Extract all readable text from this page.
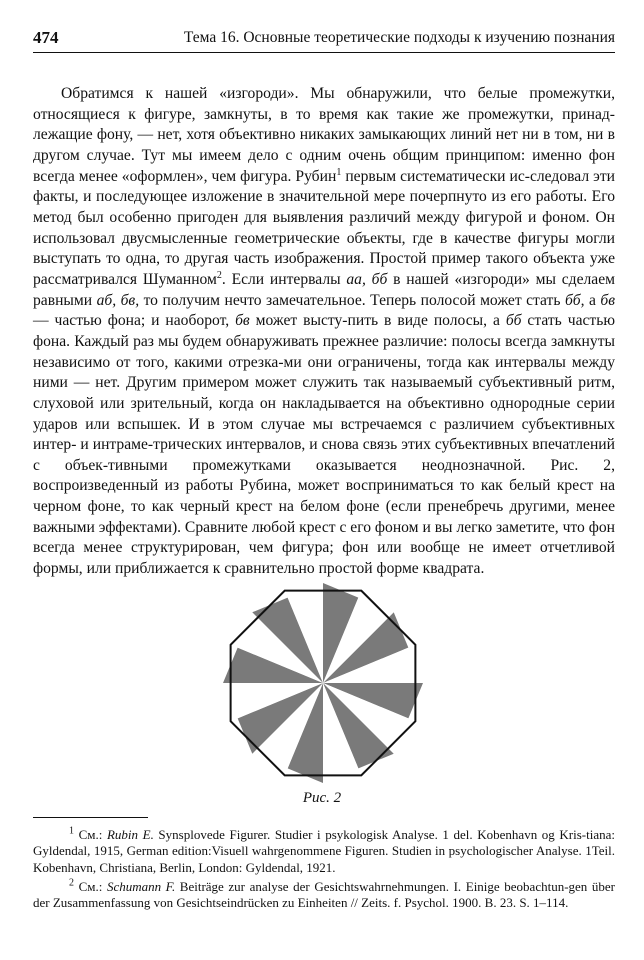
474	Тема 16. Основные теоретические подходы к изучению познания

Обратимся к нашей «изгороди». Мы обнаружили, что белые промежутки, относящиеся к фигуре, замкнуты, в то время как такие же промежутки, принад-лежащие фону, — нет, хотя объективно никаких замыкающих линий нет ни в том, ни в другом случае. Тут мы имеем дело с одним очень общим принципом: именно фон всегда менее «оформлен», чем фигура. Рубин$^1$ первым систематически ис-следовал эти факты, и последующее изложение в значительной мере почерпнуто из его работы. Его метод был особенно пригоден для выявления различий между фигурой и фоном. Он использовал двусмысленные геометрические объекты, где в качестве фигуры могли выступать то одна, то другая часть изображения. Простой пример такого объекта уже рассматривался Шуманном$^2$. Если интервалы аа, бб в нашей «изгороди» мы сделаем равными аб, бв, то получим нечто замечательное. Теперь полосой может стать бб, а бв — частью фона; и наоборот, бв может высту-пить в виде полосы, а бб стать частью фона. Каждый раз мы будем обнаруживать прежнее различие: полосы всегда замкнуты независимо от того, какими отрезка-ми они ограничены, тогда как интервалы между ними — нет. Другим примером может служить так называемый субъективный ритм, слуховой или зрительный, когда он накладывается на объективно однородные серии ударов или вспышек. И в этом случае мы встречаемся с различием субъективных интер- и интраме-трических интервалов, и снова связь этих субъективных впечатлений с объек-тивными промежутками оказывается неоднозначной. Рис. 2, воспроизведенный из работы Рубина, может восприниматься то как белый крест на черном фоне, то как черный крест на белом фоне (если пренебречь другими, менее важными эффектами). Сравните любой крест с его фоном и вы легко заметите, что фон всегда менее структурирован, чем фигура; фон или вообще не имеет отчетливой формы, или приближается к сравнительно простой форме квадрата.

Рис. 2

$^1$ См.: Rubin E. Synsplovede Figurer. Studier i psykologisk Analyse. 1 del. Kobenhavn og Kris-tiana: Gyldendal, 1915, German edition:Visuell wahrgenommene Figuren. Studien in psychologischer Analyse. 1Teil. Kobenhavn, Christiana, Berlin, London: Gyldendal, 1921.

$^2$ См.: Schumann F. Beiträge zur analyse der Gesichtswahrnehmungen. I. Einige beobachtun-gen über der Zusammenfassung von Gesichtseindrücken zu Einheiten // Zeits. f. Psychol. 1900. B. 23. S. 1–114.
